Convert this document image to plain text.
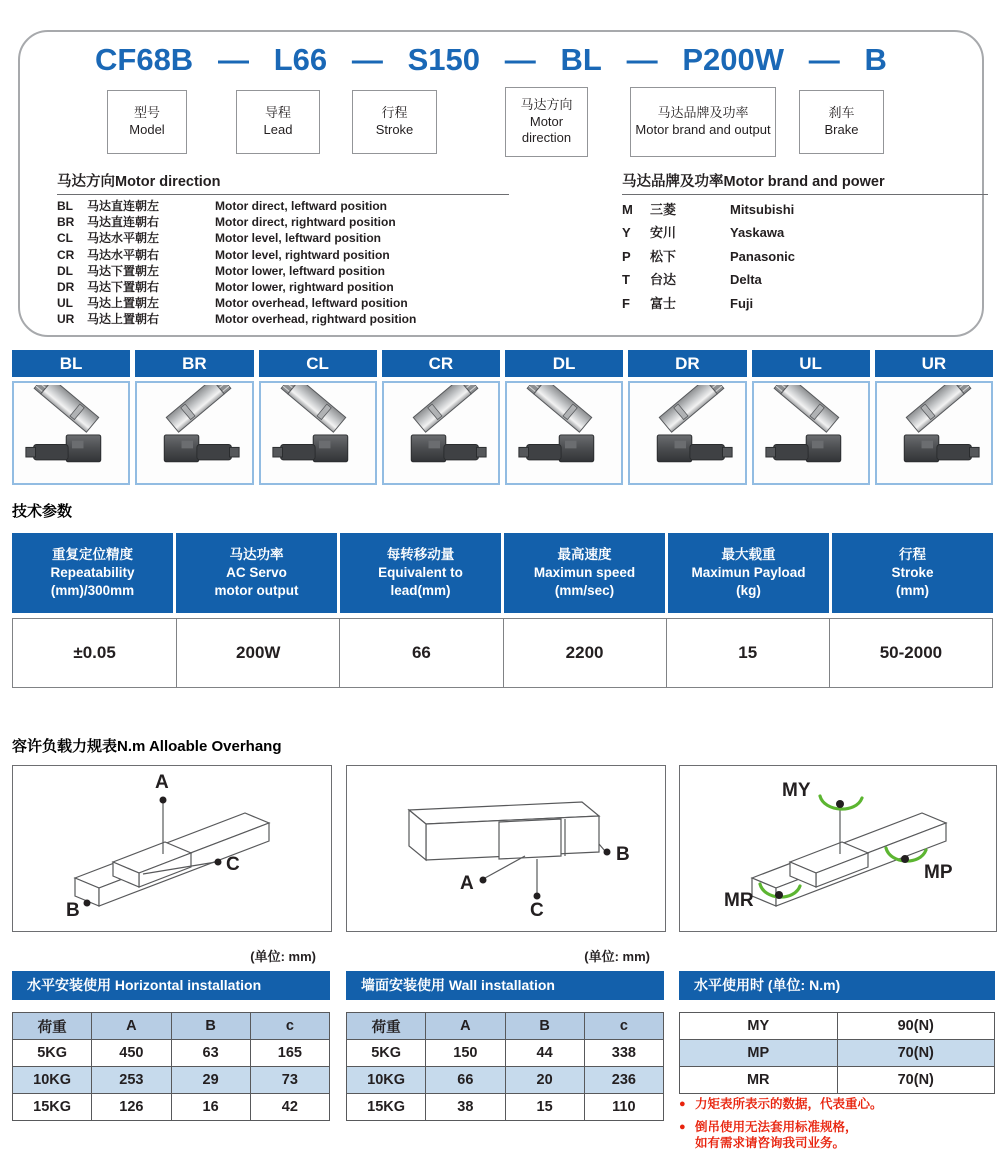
CF68B — L66 — S150 — BL — P200W — B
型号
Model
导程
Lead
行程
Stroke
马达方向
Motor direction
马达品牌及功率
Motor brand and output
刹车
Brake
马达方向Motor direction
BL	马达直连朝左	Motor direct, leftward position
BR	马达直连朝右	Motor direct, rightward position
CL	马达水平朝左	Motor level, leftward position
CR	马达水平朝右	Motor level, rightward position
DL	马达下置朝左	Motor lower, leftward position
DR	马达下置朝右	Motor lower, rightward position
UL	马达上置朝左	Motor overhead, leftward position
UR	马达上置朝右	Motor overhead, rightward position
马达品牌及功率Motor brand and power
M	三菱	Mitsubishi
Y	安川	Yaskawa
P	松下	Panasonic
T	台达	Delta
F	富士	Fuji
BL	BR	CL	CR	DL	DR	UL	UR
技术参数
重复定位精度
Repeatability
(mm)/300mm
马达功率
AC Servo
motor output
每转移动量
Equivalent to
lead(mm)
最高速度
Maximun speed
(mm/sec)
最大载重
Maximun Payload
(kg)
行程
Stroke
(mm)
±0.05	200W	66	2200	15	50-2000
容许负载力规表N.m Alloable Overhang
A
C
B
B
A
C
MY
MP
MR
(单位: mm)	(单位: mm)
水平安装使用 Horizontal installation	墙面安装使用 Wall installation	水平使用时 (单位: N.m)
荷重	A	B	c
5KG	450	63	165
10KG	253	29	73
15KG	126	16	42
荷重	A	B	c
5KG	150	44	338
10KG	66	20	236
15KG	38	15	110
MY	90(N)
MP	70(N)
MR	70(N)
● 力矩表所表示的数据，代表重心。
● 倒吊使用无法套用标准规格，
如有需求请咨询我司业务。
